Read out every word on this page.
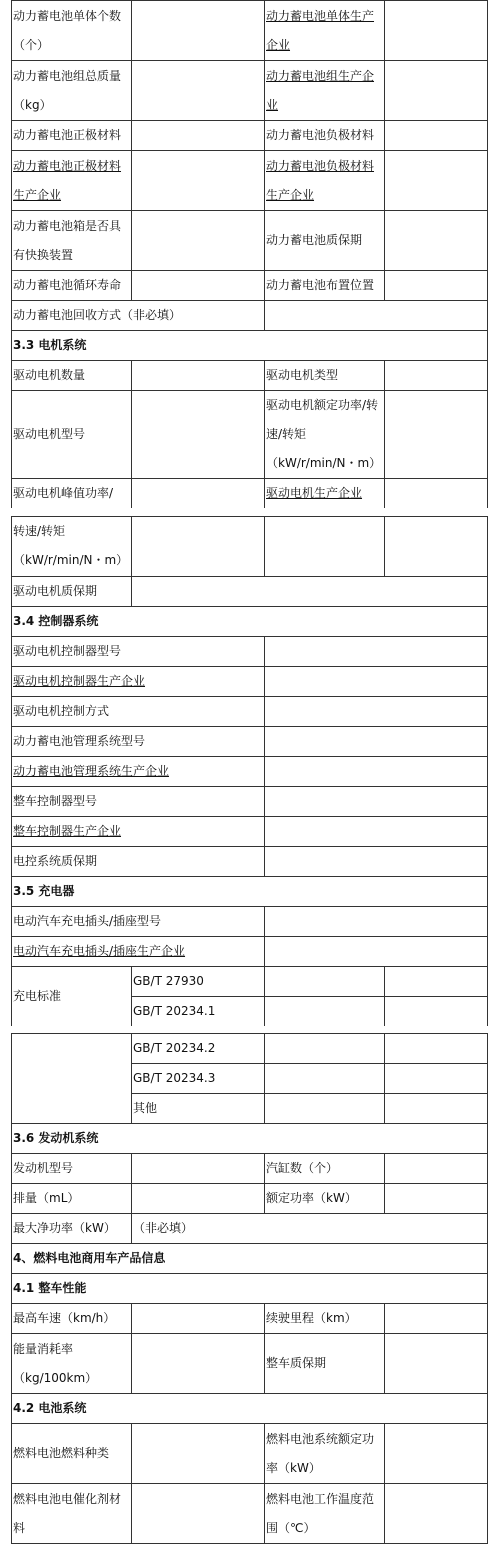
动力蓄电池单体个数（个）		动力蓄电池单体生产企业	
动力蓄电池组总质量（kg）		动力蓄电池组生产企业	
动力蓄电池正极材料		动力蓄电池负极材料	
动力蓄电池正极材料生产企业		动力蓄电池负极材料生产企业	
动力蓄电池箱是否具有快换装置		动力蓄电池质保期	
动力蓄电池循环寿命		动力蓄电池布置位置	
动力蓄电池回收方式（非必填）			
3.3 电机系统			
驱动电机数量		驱动电机类型	
驱动电机型号		驱动电机额定功率/转速/转矩（kW/r/min/N・m）	
驱动电机峰值功率/		驱动电机生产企业	

转速/转矩（kW/r/min/N・m）			
驱动电机质保期			
3.4 控制器系统			
驱动电机控制器型号			
驱动电机控制器生产企业			
驱动电机控制方式			
动力蓄电池管理系统型号			
动力蓄电池管理系统生产企业			
整车控制器型号			
整车控制器生产企业			
电控系统质保期			
3.5 充电器			
电动汽车充电插头/插座型号			
电动汽车充电插头/插座生产企业			
充电标准	GB/T 27930		
	GB/T 20234.1		

	GB/T 20234.2		
	GB/T 20234.3		
	其他		
3.6 发动机系统			
发动机型号		汽缸数（个）	
排量（mL）		额定功率（kW）	
最大净功率（kW）	（非必填）		
4、燃料电池商用车产品信息			
4.1 整车性能			
最高车速（km/h）		续驶里程（km）	
能量消耗率（kg/100km）		整车质保期	
4.2 电池系统			
燃料电池燃料种类		燃料电池系统额定功率（kW）	
燃料电池电催化剂材料		燃料电池工作温度范围（℃）	
